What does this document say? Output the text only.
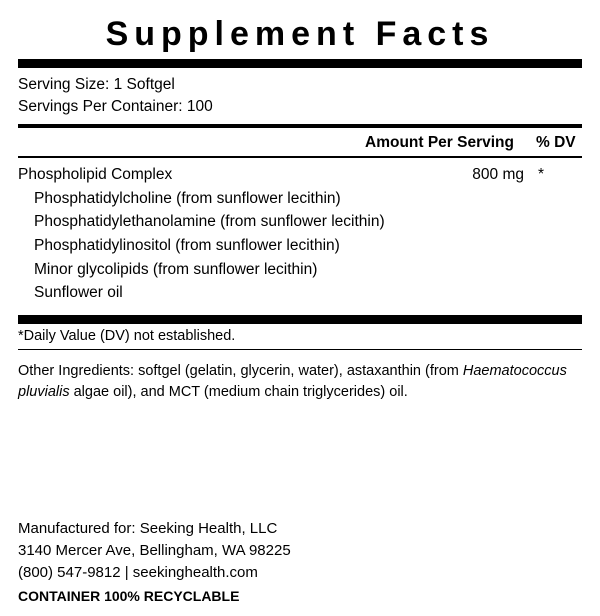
Supplement Facts
Serving Size: 1 Softgel
Servings Per Container: 100
Amount Per Serving % DV
Phospholipid Complex	800 mg *
Phosphatidylcholine (from sunflower lecithin)
Phosphatidylethanolamine (from sunflower lecithin)
Phosphatidylinositol (from sunflower lecithin)
Minor glycolipids (from sunflower lecithin)
Sunflower oil
*Daily Value (DV) not established.
Other Ingredients: softgel (gelatin, glycerin, water), astaxanthin (from Haematococcus pluvialis algae oil), and MCT (medium chain triglycerides) oil.
Manufactured for: Seeking Health, LLC
3140 Mercer Ave, Bellingham, WA 98225
(800) 547-9812 | seekinghealth.com
CONTAINER 100% RECYCLABLE
